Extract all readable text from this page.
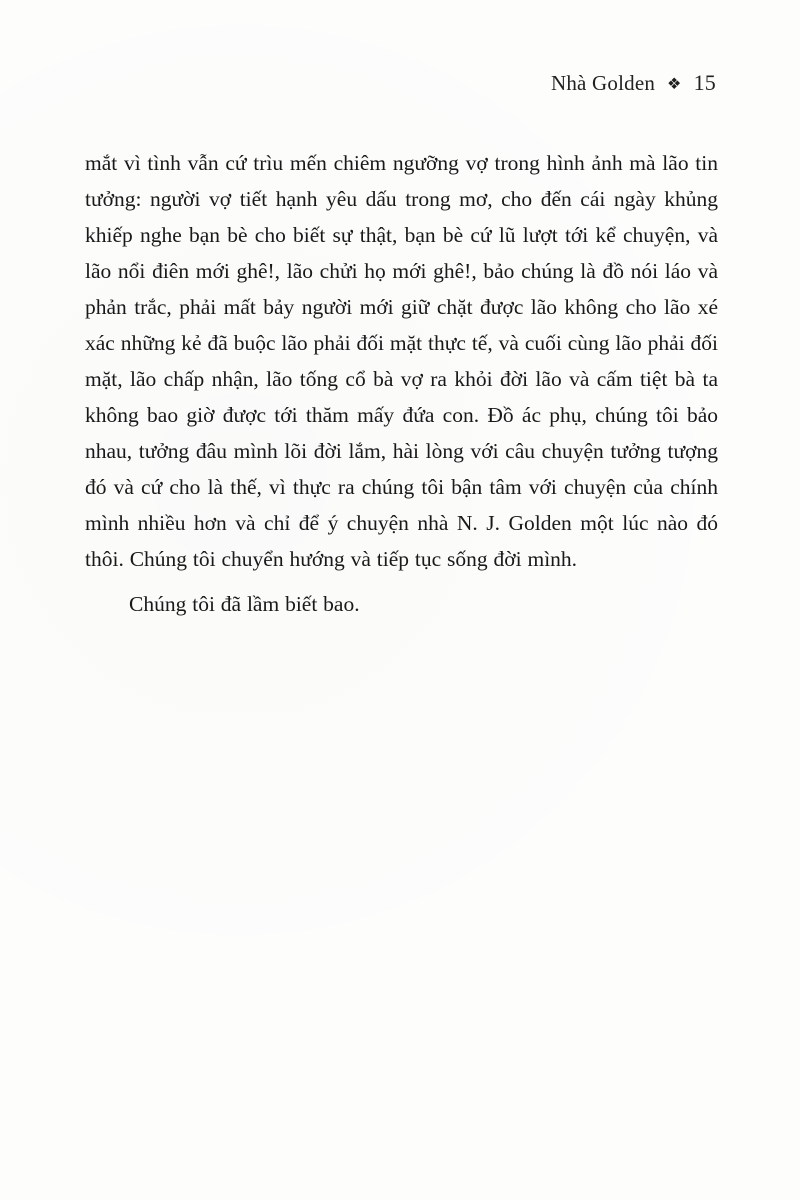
Nhà Golden ❖ 15

mắt vì tình vẫn cứ trìu mến chiêm ngưỡng vợ trong hình ảnh mà lão tin tưởng: người vợ tiết hạnh yêu dấu trong mơ, cho đến cái ngày khủng khiếp nghe bạn bè cho biết sự thật, bạn bè cứ lũ lượt tới kể chuyện, và lão nổi điên mới ghê!, lão chửi họ mới ghê!, bảo chúng là đồ nói láo và phản trắc, phải mất bảy người mới giữ chặt được lão không cho lão xé xác những kẻ đã buộc lão phải đối mặt thực tế, và cuối cùng lão phải đối mặt, lão chấp nhận, lão tống cổ bà vợ ra khỏi đời lão và cấm tiệt bà ta không bao giờ được tới thăm mấy đứa con. Đồ ác phụ, chúng tôi bảo nhau, tưởng đâu mình lõi đời lắm, hài lòng với câu chuyện tưởng tượng đó và cứ cho là thế, vì thực ra chúng tôi bận tâm với chuyện của chính mình nhiều hơn và chỉ để ý chuyện nhà N. J. Golden một lúc nào đó thôi. Chúng tôi chuyển hướng và tiếp tục sống đời mình.

Chúng tôi đã lầm biết bao.
